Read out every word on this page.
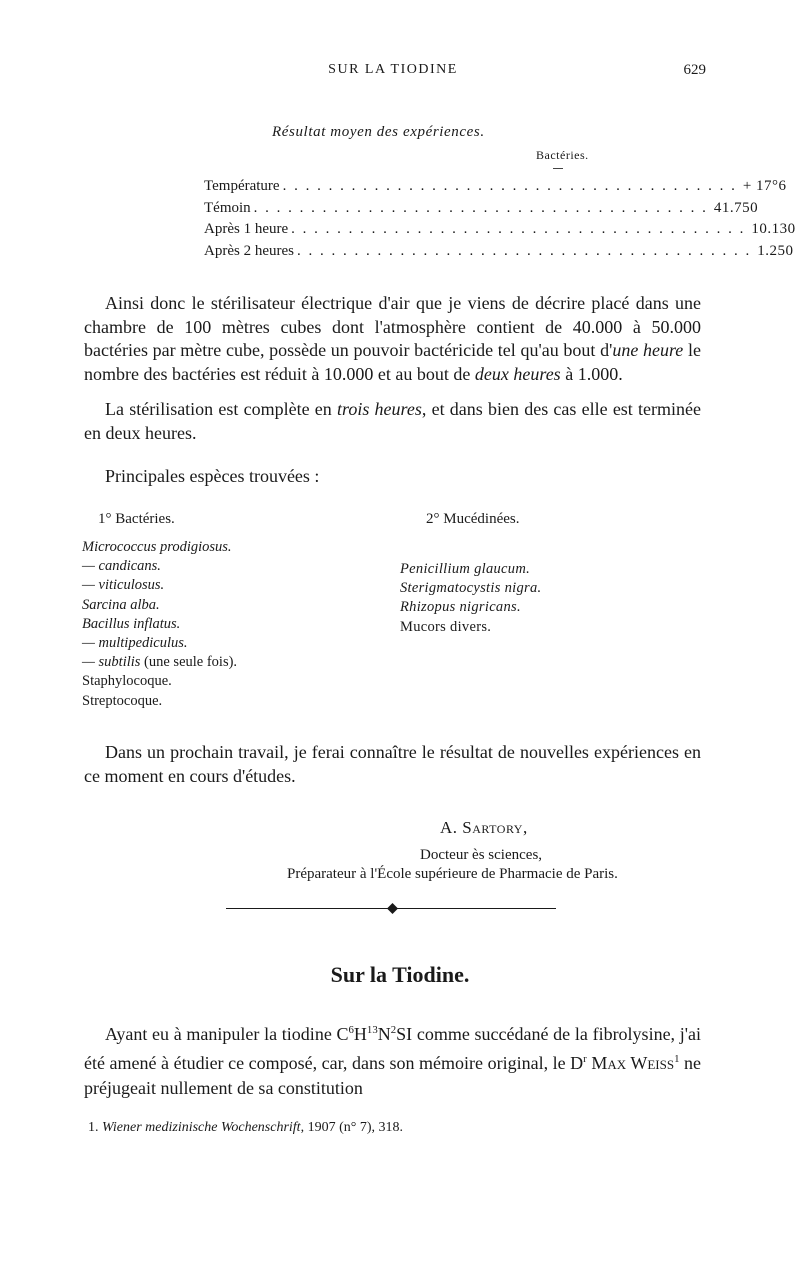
SUR LA TIODINE	629
Résultat moyen des expériences.
Bactéries.
Température . . . . . . . . . . . . . . . . . . . . . . . . . . . . . . . . . . . . . . . . + 17°6
Témoin . . . . . . . . . . . . . . . . . . . . . . . . . . . . . . . . . . . . . . . . 41.750
Après 1 heure . . . . . . . . . . . . . . . . . . . . . . . . . . . . . . . . . . . . . . . . 10.130
Après 2 heures . . . . . . . . . . . . . . . . . . . . . . . . . . . . . . . . . . . . . . . . 1.250
Ainsi donc le stérilisateur électrique d'air que je viens de décrire placé dans une chambre de 100 mètres cubes dont l'atmosphère contient de 40.000 à 50.000 bactéries par mètre cube, possède un pouvoir bactéricide tel qu'au bout d'une heure le nombre des bactéries est réduit à 10.000 et au bout de deux heures à 1.000.
La stérilisation est complète en trois heures, et dans bien des cas elle est terminée en deux heures.
Principales espèces trouvées :
1° Bactéries.	2° Mucédinées.
Micrococcus prodigiosus.
— candicans.
— viticulosus.
Sarcina alba.
Bacillus inflatus.
— multipediculus.
— subtilis (une seule fois).
Staphylocoque.
Streptocoque.
Penicillium glaucum.
Sterigmatocystis nigra.
Rhizopus nigricans.
Mucors divers.
Dans un prochain travail, je ferai connaître le résultat de nouvelles expériences en ce moment en cours d'études.
A. Sartory,
Docteur ès sciences,
Préparateur à l'École supérieure de Pharmacie de Paris.
Sur la Tiodine.
Ayant eu à manipuler la tiodine $C^6H^{13}N^2SI$ comme succédané de la fibrolysine, j'ai été amené à étudier ce composé, car, dans son mémoire original, le $D^r$ Max Weiss$^1$ ne préjugeait nullement de sa constitution
1. Wiener medizinische Wochenschrift, 1907 (n° 7), 318.
